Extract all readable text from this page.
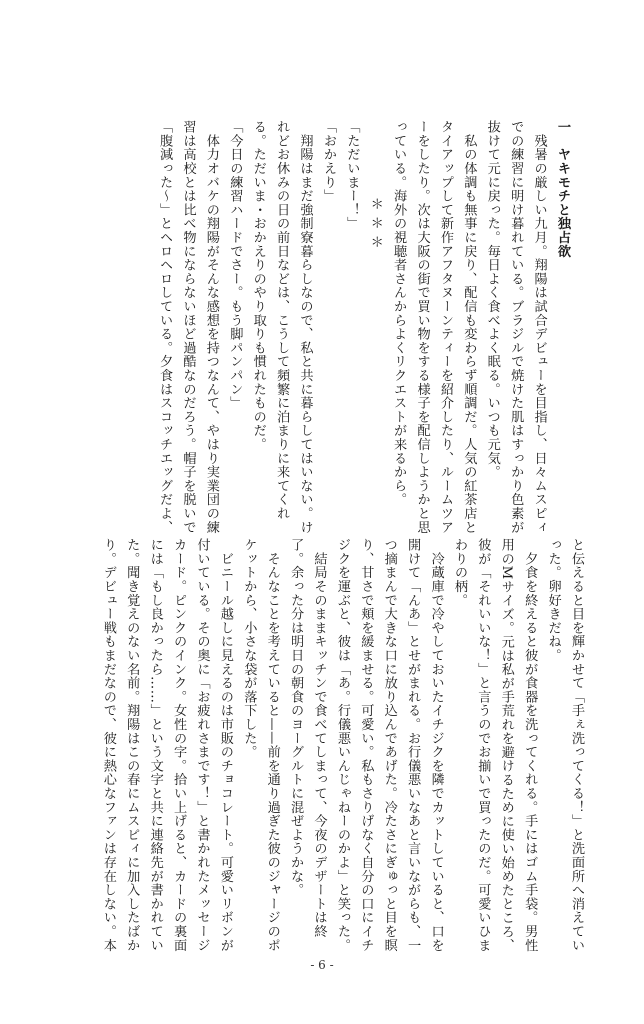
一　ヤキモチと独占欲

　残暑の厳しい九月。翔陽は試合デビューを目指し、日々ムスピィ

での練習に明け暮れている。ブラジルで焼けた肌はすっかり色素が

抜けて元に戻った。毎日よく食べよく眠る。いつも元気。

　私の体調も無事に戻り、配信も変わらず順調だ。人気の紅茶店と

タイアップして新作アフタヌーンティーを紹介したり、ルームツア

ーをしたり。次は大阪の街で買い物をする様子を配信しようかと思

っている。海外の視聴者さんからよくリクエストが来るから。

　　　　＊＊＊

「ただいまー！」

「おかえり」

　翔陽はまだ強制寮暮らしなので、私と共に暮らしてはいない。け

れどお休みの日の前日などは、こうして頻繁に泊まりに来てくれ

る。ただいま・おかえりのやり取りも慣れたものだ。

「今日の練習ハードでさー。もう脚パンパン」

　体力オバケの翔陽がそんな感想を持つなんて、やはり実業団の練

習は高校とは比べ物にならないほど過酷なのだろう。帽子を脱いで

「腹減った〜」とヘロヘロしている。夕食はスコッチエッグだよ、

と伝えると目を輝かせて「手ぇ洗ってくる！」と洗面所へ消えてい

った。卵好きだね。

　夕食を終えると彼が食器を洗ってくれる。手にはゴム手袋。男性

用のMサイズ。元は私が手荒れを避けるために使い始めたところ、

彼が「それいいな！」と言うのでお揃いで買ったのだ。可愛いひま

わりの柄。

　冷蔵庫で冷やしておいたイチジクを隣でカットしていると、口を

開けて「んあ」とせがまれる。お行儀悪いなあと言いながらも、一

つ摘まんで大きな口に放り込んであげた。冷たさにぎゅっと目を瞑

り、甘さで頬を緩ませる。可愛い。私もさりげなく自分の口にイチ

ジクを運ぶと、彼は「あ。行儀悪いんじゃねーのかよ」と笑った。

　結局そのままキッチンで食べてしまって、今夜のデザートは終

了。余った分は明日の朝食のヨーグルトに混ぜようかな。

　そんなことを考えていると——前を通り過ぎた彼のジャージのポ

ケットから、小さな袋が落下した。

　ビニール越しに見えるのは市販のチョコレート。可愛いリボンが

付いている。その奥に「お疲れさまです！」と書かれたメッセージ

カード。ピンクのインク。女性の字。拾い上げると、カードの裏面

には「もし良かったら……」という文字と共に連絡先が書かれてい

た。聞き覚えのない名前。翔陽はこの春にムスピィに加入したばか

り。デビュー戦もまだなので、彼に熱心なファンは存在しない。本

- 6 -
